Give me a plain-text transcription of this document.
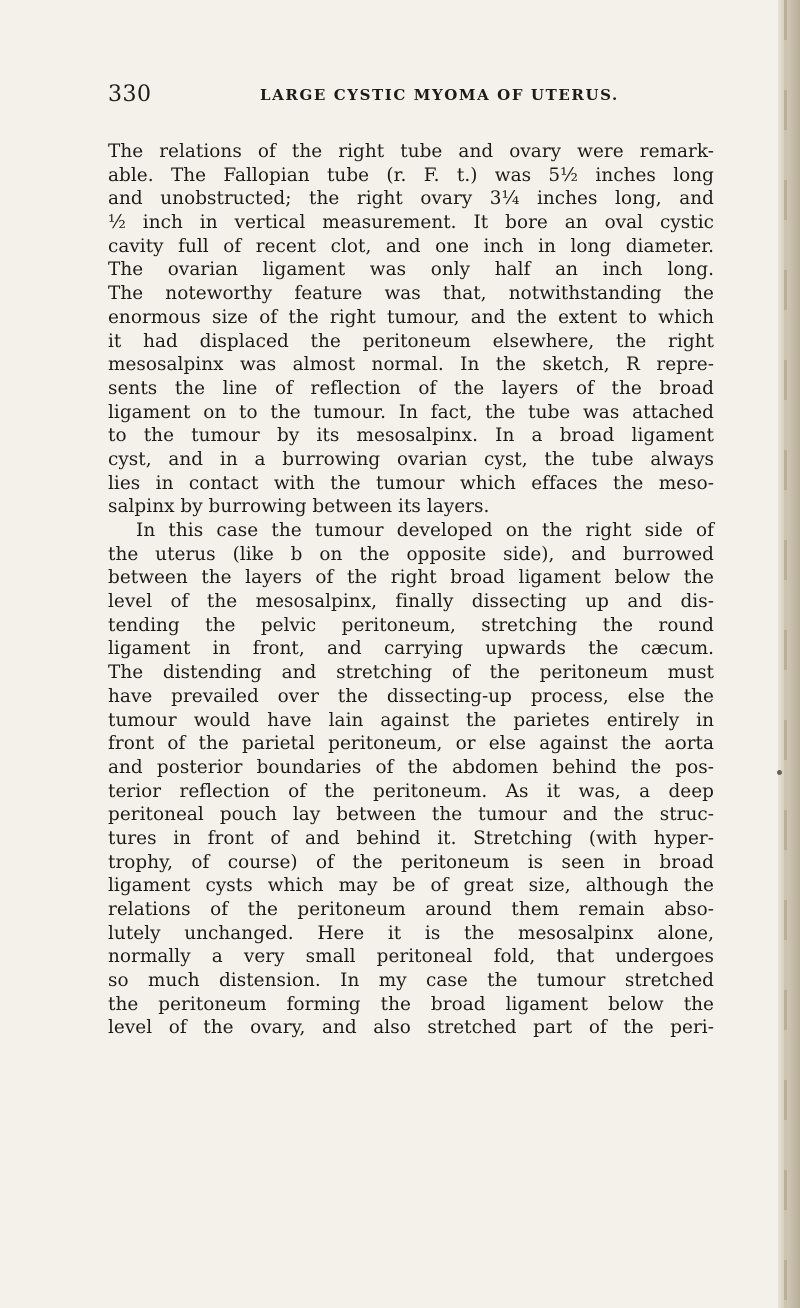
330	LARGE CYSTIC MYOMA OF UTERUS.
The relations of the right tube and ovary were remark-
able. The Fallopian tube (r. F. t.) was 5½ inches long
and unobstructed; the right ovary 3¼ inches long, and
½ inch in vertical measurement. It bore an oval cystic
cavity full of recent clot, and one inch in long diameter.
The ovarian ligament was only half an inch long.
The noteworthy feature was that, notwithstanding the
enormous size of the right tumour, and the extent to which
it had displaced the peritoneum elsewhere, the right
mesosalpinx was almost normal. In the sketch, R repre-
sents the line of reflection of the layers of the broad
ligament on to the tumour. In fact, the tube was attached
to the tumour by its mesosalpinx. In a broad ligament
cyst, and in a burrowing ovarian cyst, the tube always
lies in contact with the tumour which effaces the meso-
salpinx by burrowing between its layers.
In this case the tumour developed on the right side of
the uterus (like b on the opposite side), and burrowed
between the layers of the right broad ligament below the
level of the mesosalpinx, finally dissecting up and dis-
tending the pelvic peritoneum, stretching the round
ligament in front, and carrying upwards the cæcum.
The distending and stretching of the peritoneum must
have prevailed over the dissecting-up process, else the
tumour would have lain against the parietes entirely in
front of the parietal peritoneum, or else against the aorta
and posterior boundaries of the abdomen behind the pos-
terior reflection of the peritoneum. As it was, a deep
peritoneal pouch lay between the tumour and the struc-
tures in front of and behind it. Stretching (with hyper-
trophy, of course) of the peritoneum is seen in broad
ligament cysts which may be of great size, although the
relations of the peritoneum around them remain abso-
lutely unchanged. Here it is the mesosalpinx alone,
normally a very small peritoneal fold, that undergoes
so much distension. In my case the tumour stretched
the peritoneum forming the broad ligament below the
level of the ovary, and also stretched part of the peri-
